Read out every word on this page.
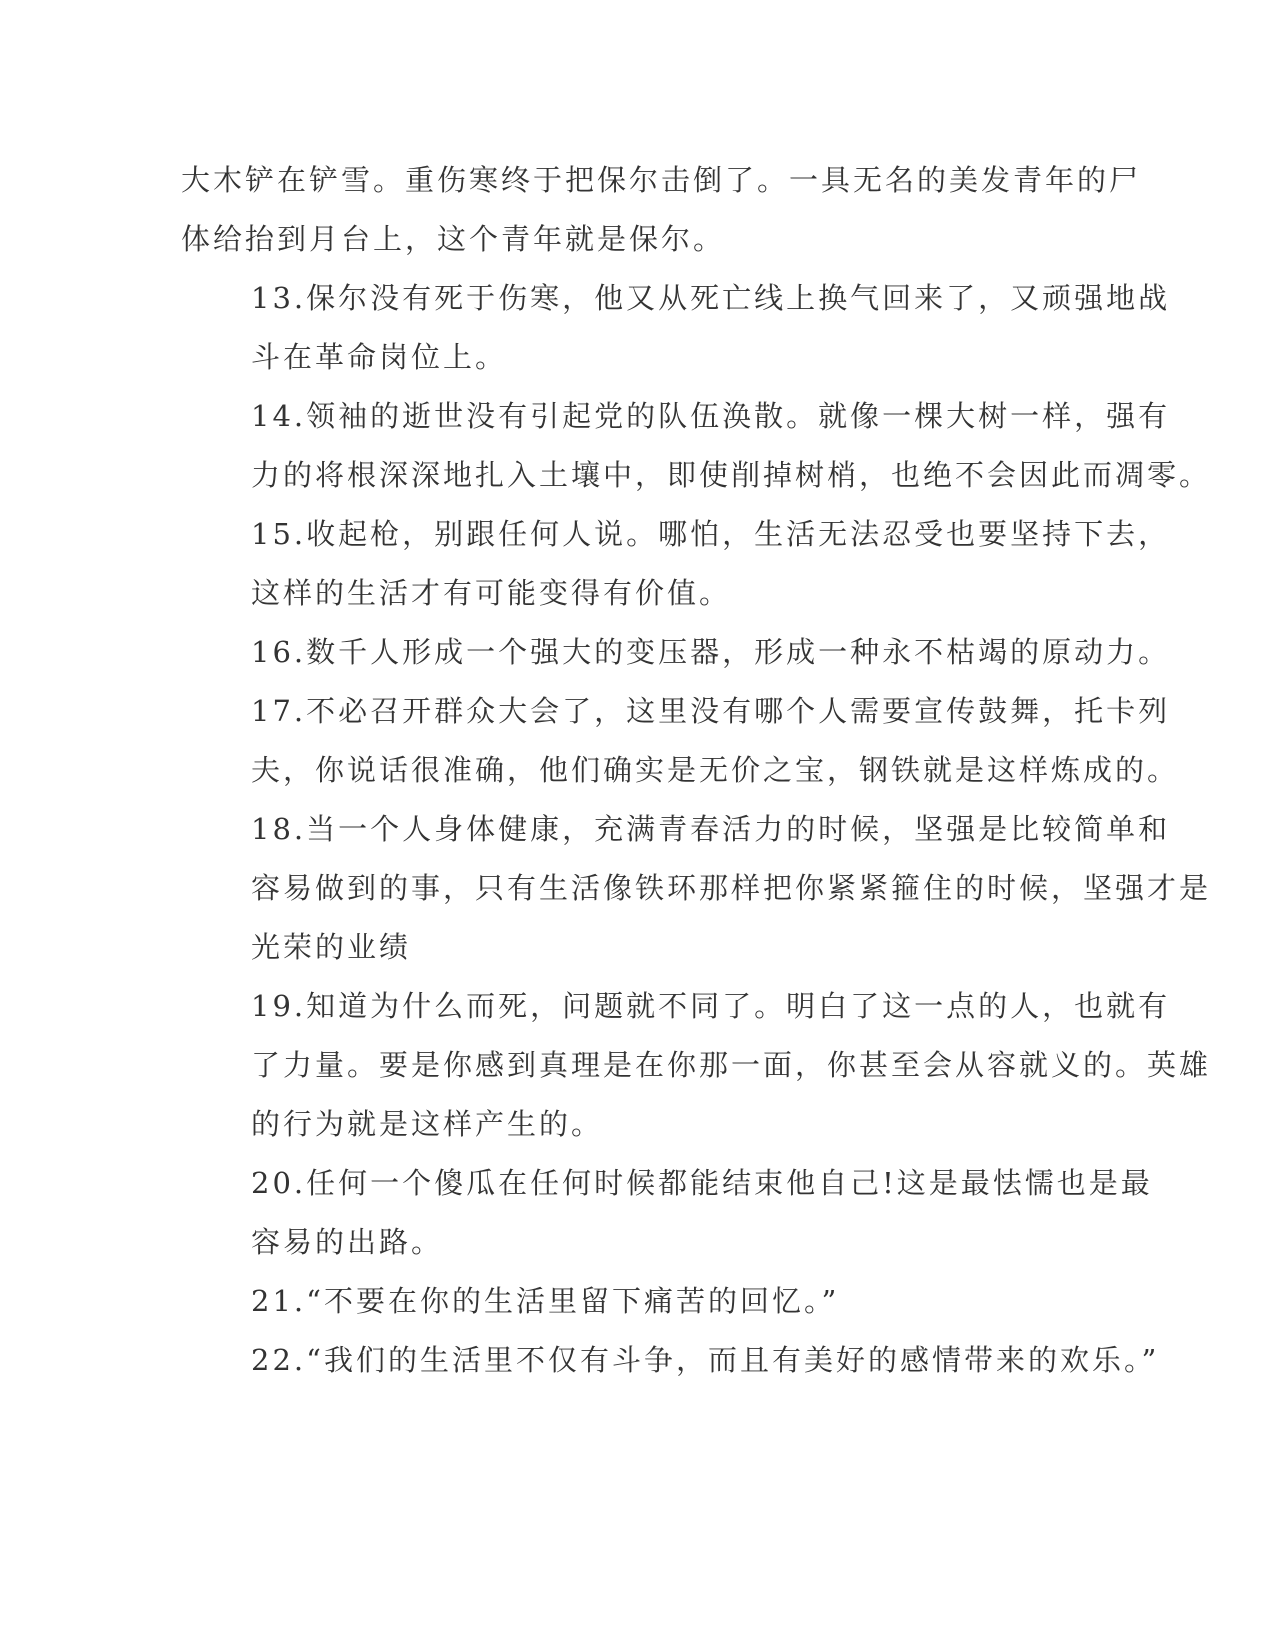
大木铲在铲雪。重伤寒终于把保尔击倒了。一具无名的美发青年的尸
体给抬到月台上，这个青年就是保尔。
13.保尔没有死于伤寒，他又从死亡线上换气回来了，又顽强地战
斗在革命岗位上。
14.领袖的逝世没有引起党的队伍涣散。就像一棵大树一样，强有
力的将根深深地扎入土壤中，即使削掉树梢，也绝不会因此而凋零。
15.收起枪，别跟任何人说。哪怕，生活无法忍受也要坚持下去，
这样的生活才有可能变得有价值。
16.数千人形成一个强大的变压器，形成一种永不枯竭的原动力。
17.不必召开群众大会了，这里没有哪个人需要宣传鼓舞，托卡列
夫，你说话很准确，他们确实是无价之宝，钢铁就是这样炼成的。
18.当一个人身体健康，充满青春活力的时候，坚强是比较简单和
容易做到的事，只有生活像铁环那样把你紧紧箍住的时候，坚强才是
光荣的业绩
19.知道为什么而死，问题就不同了。明白了这一点的人，也就有
了力量。要是你感到真理是在你那一面，你甚至会从容就义的。英雄
的行为就是这样产生的。
20.任何一个傻瓜在任何时候都能结束他自己!这是最怯懦也是最
容易的出路。
21.“不要在你的生活里留下痛苦的回忆。”
22.“我们的生活里不仅有斗争，而且有美好的感情带来的欢乐。”
